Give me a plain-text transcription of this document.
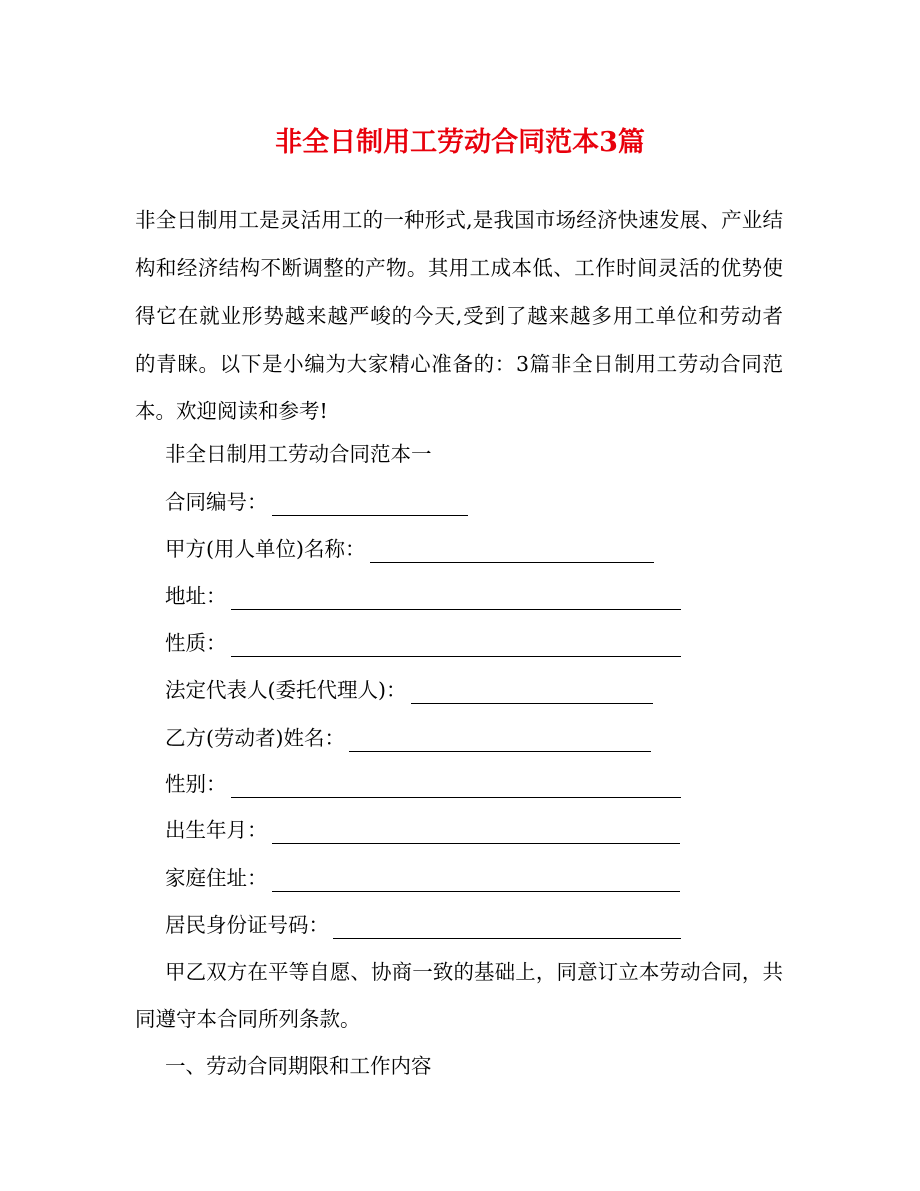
非全日制用工劳动合同范本3篇
非全日制用工是灵活用工的一种形式,是我国市场经济快速发展、产业结
构和经济结构不断调整的产物。其用工成本低、工作时间灵活的优势使
得它在就业形势越来越严峻的今天,受到了越来越多用工单位和劳动者
的青睐。以下是小编为大家精心准备的：3篇非全日制用工劳动合同范
本。欢迎阅读和参考!
非全日制用工劳动合同范本一
合同编号：
甲方(用人单位)名称：
地址：
性质：
法定代表人(委托代理人)：
乙方(劳动者)姓名：
性别：
出生年月：
家庭住址：
居民身份证号码：
甲乙双方在平等自愿、协商一致的基础上，同意订立本劳动合同，共
同遵守本合同所列条款。
一、劳动合同期限和工作内容
